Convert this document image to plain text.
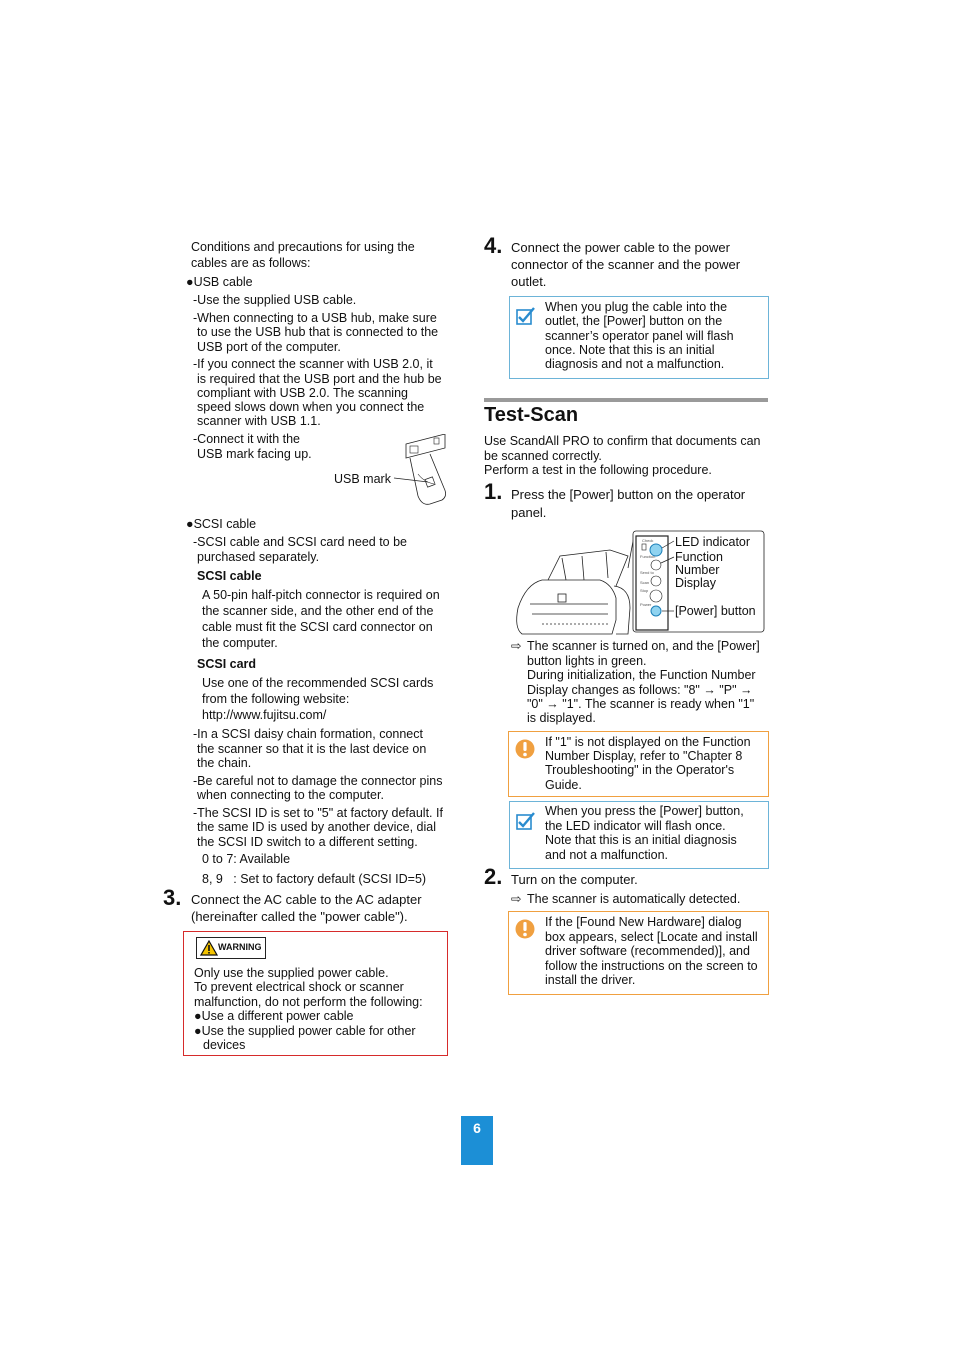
Conditions and precautions for using the
cables are as follows:
●USB cable
-Use the supplied USB cable.
-When connecting to a USB hub, make sure
to use the USB hub that is connected to the
USB port of the computer.
-If you connect the scanner with USB 2.0, it
is required that the USB port and the hub be
compliant with USB 2.0. The scanning
speed slows down when you connect the
scanner with USB 1.1.
-Connect it with the
USB mark facing up.
USB mark
●SCSI cable
-SCSI cable and SCSI card need to be
purchased separately.
SCSI cable
A 50-pin half-pitch connector is required on
the scanner side, and the other end of the
cable must fit the SCSI card connector on
the computer.
SCSI card
Use one of the recommended SCSI cards
from the following website:
http://www.fujitsu.com/
-In a SCSI daisy chain formation, connect
the scanner so that it is the last device on
the chain.
-Be careful not to damage the connector pins
when connecting to the computer.
-The SCSI ID is set to "5" at factory default. If
the same ID is used by another device, dial
the SCSI ID switch to a different setting.
0 to 7: Available
8, 9   : Set to factory default (SCSI ID=5)
3. Connect the AC cable to the AC adapter
(hereinafter called the "power cable").
WARNING
Only use the supplied power cable.
To prevent electrical shock or scanner
malfunction, do not perform the following:
●Use a different power cable
●Use the supplied power cable for other
devices
4. Connect the power cable to the power
connector of the scanner and the power
outlet.
When you plug the cable into the
outlet, the [Power] button on the
scanner’s operator panel will flash
once. Note that this is an initial
diagnosis and not a malfunction.
Test-Scan
Use ScandAll PRO to confirm that documents can
be scanned correctly.
Perform a test in the following procedure.
1. Press the [Power] button on the operator
panel.
Check
Function
Send to
Scan
Stop
Power
LED indicator
Function
Number
Display
[Power] button
⇨ The scanner is turned on, and the [Power]
button lights in green.
During initialization, the Function Number
Display changes as follows: "8" → "P" →
"0" → "1". The scanner is ready when "1"
is displayed.
If "1" is not displayed on the Function
Number Display, refer to "Chapter 8
Troubleshooting" in the Operator's
Guide.
When you press the [Power] button,
the LED indicator will flash once.
Note that this is an initial diagnosis
and not a malfunction.
2. Turn on the computer.
⇨ The scanner is automatically detected.
If the [Found New Hardware] dialog
box appears, select [Locate and install
driver software (recommended)], and
follow the instructions on the screen to
install the driver.
6
